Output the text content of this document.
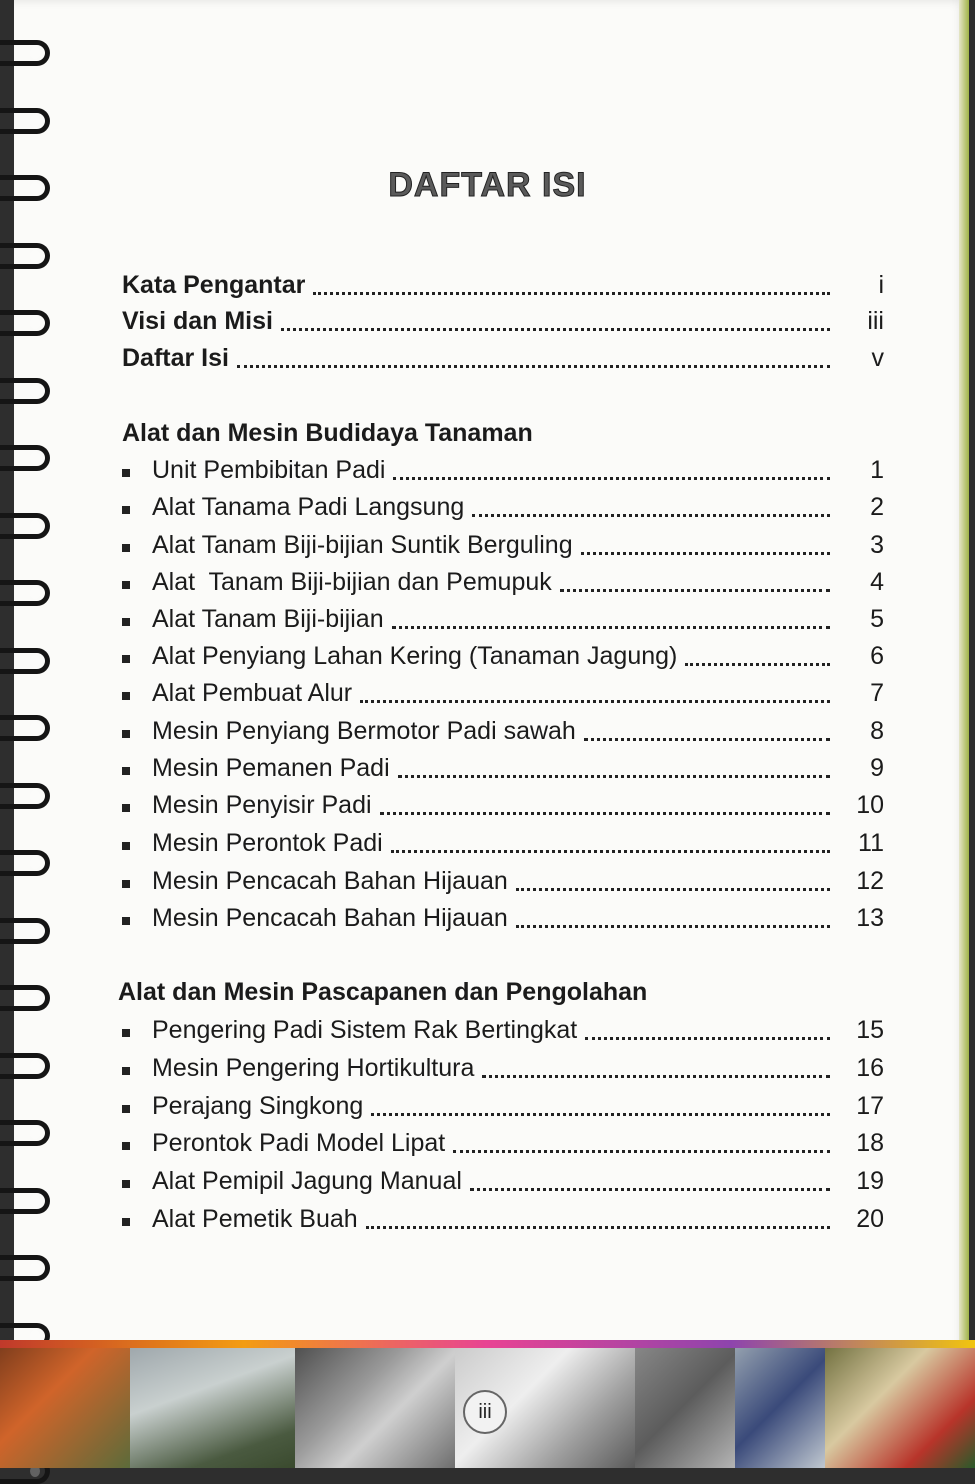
DAFTAR ISI
Kata Pengantar	i
Visi dan Misi	iii
Daftar Isi	v
Alat dan Mesin Budidaya Tanaman
Unit Pembibitan Padi	1
Alat Tanama Padi Langsung	2
Alat Tanam Biji-bijian Suntik Berguling	3
Alat  Tanam Biji-bijian dan Pemupuk	4
Alat Tanam Biji-bijian	5
Alat Penyiang Lahan Kering (Tanaman Jagung)	6
Alat Pembuat Alur	7
Mesin Penyiang Bermotor Padi sawah	8
Mesin Pemanen Padi	9
Mesin Penyisir Padi	10
Mesin Perontok Padi	11
Mesin Pencacah Bahan Hijauan	12
Mesin Pencacah Bahan Hijauan	13
Alat dan Mesin Pascapanen dan Pengolahan
Pengering Padi Sistem Rak Bertingkat	15
Mesin Pengering Hortikultura	16
Perajang Singkong	17
Perontok Padi Model Lipat	18
Alat Pemipil Jagung Manual	19
Alat Pemetik Buah	20
iii
